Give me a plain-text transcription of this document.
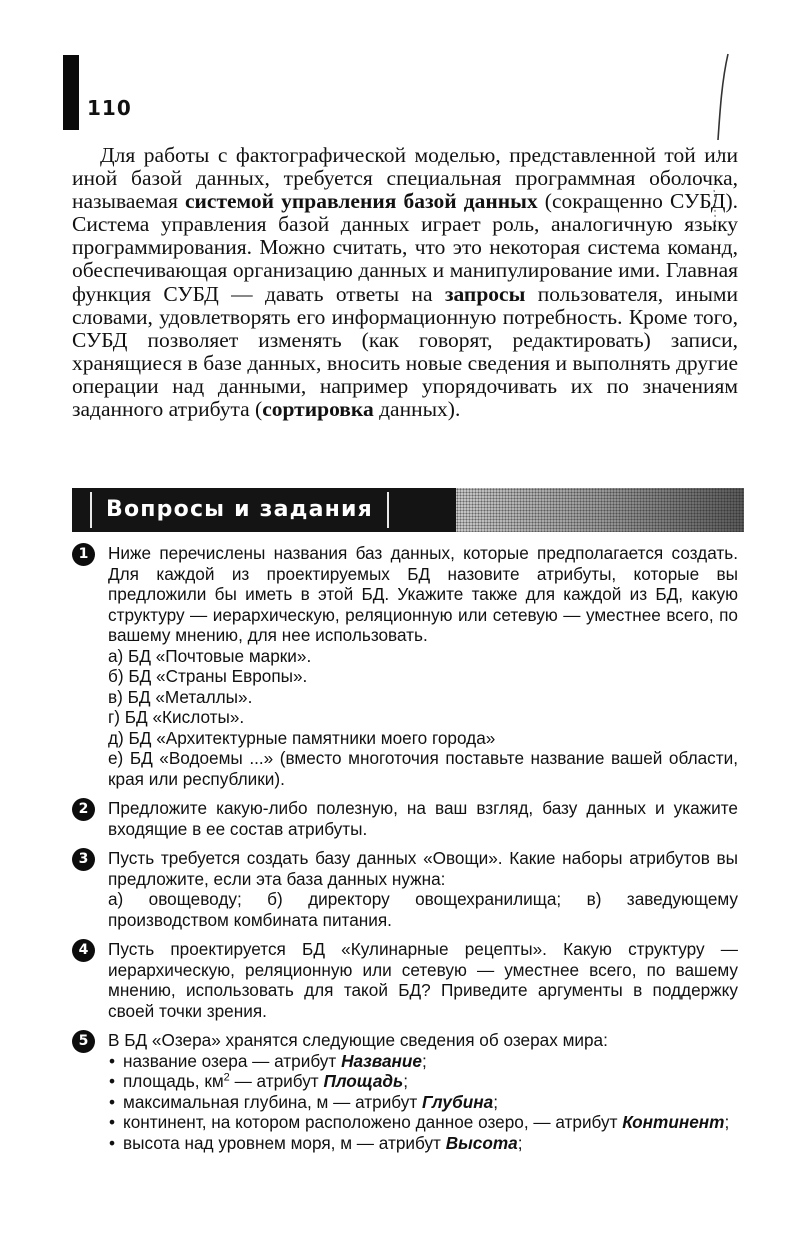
110

Для работы с фактографической моделью, представленной той или иной базой данных, требуется специальная программная оболочка, называемая системой управления базой данных (сокращенно СУБД). Система управления базой данных играет роль, аналогичную языку программирования. Можно считать, что это некоторая система команд, обеспечивающая организацию данных и манипулирование ими. Главная функция СУБД — давать ответы на запросы пользователя, иными словами, удовлетворять его информационную потребность. Кроме того, СУБД позволяет изменять (как говорят, редактировать) записи, хранящиеся в базе данных, вносить новые сведения и выполнять другие операции над данными, например упорядочивать их по значениям заданного атрибута (сортировка данных).

Вопросы и задания
1	Ниже перечислены названия баз данных, которые предполагается создать. Для каждой из проектируемых БД назовите атрибуты, которые вы предложили бы иметь в этой БД. Укажите также для каждой из БД, какую структуру — иерархическую, реляционную или сетевую — уместнее всего, по вашему мнению, для нее использовать.

а) БД «Почтовые марки».

б) БД «Страны Европы».

в) БД «Металлы».

г) БД «Кислоты».

д) БД «Архитектурные памятники моего города»

е) БД «Водоемы ...» (вместо многоточия поставьте название вашей области, края или республики).

2	Предложите какую-либо полезную, на ваш взгляд, базу данных и укажите входящие в ее состав атрибуты.

3	Пусть требуется создать базу данных «Овощи». Какие наборы атрибутов вы предложите, если эта база данных нужна:

а) овощеводу; б) директору овощехранилища; в) заведующему производством комбината питания.

4	Пусть проектируется БД «Кулинарные рецепты». Какую структуру — иерархическую, реляционную или сетевую — уместнее всего, по вашему мнению, использовать для такой БД? Приведите аргументы в поддержку своей точки зрения.

5	В БД «Озера» хранятся следующие сведения об озерах мира:

• название озера — атрибут Название;

• площадь, $км^2$ — атрибут Площадь;

• максимальная глубина, м — атрибут Глубина;

• континент, на котором расположено данное озеро, — атрибут Континент;

• высота над уровнем моря, м — атрибут Высота;
